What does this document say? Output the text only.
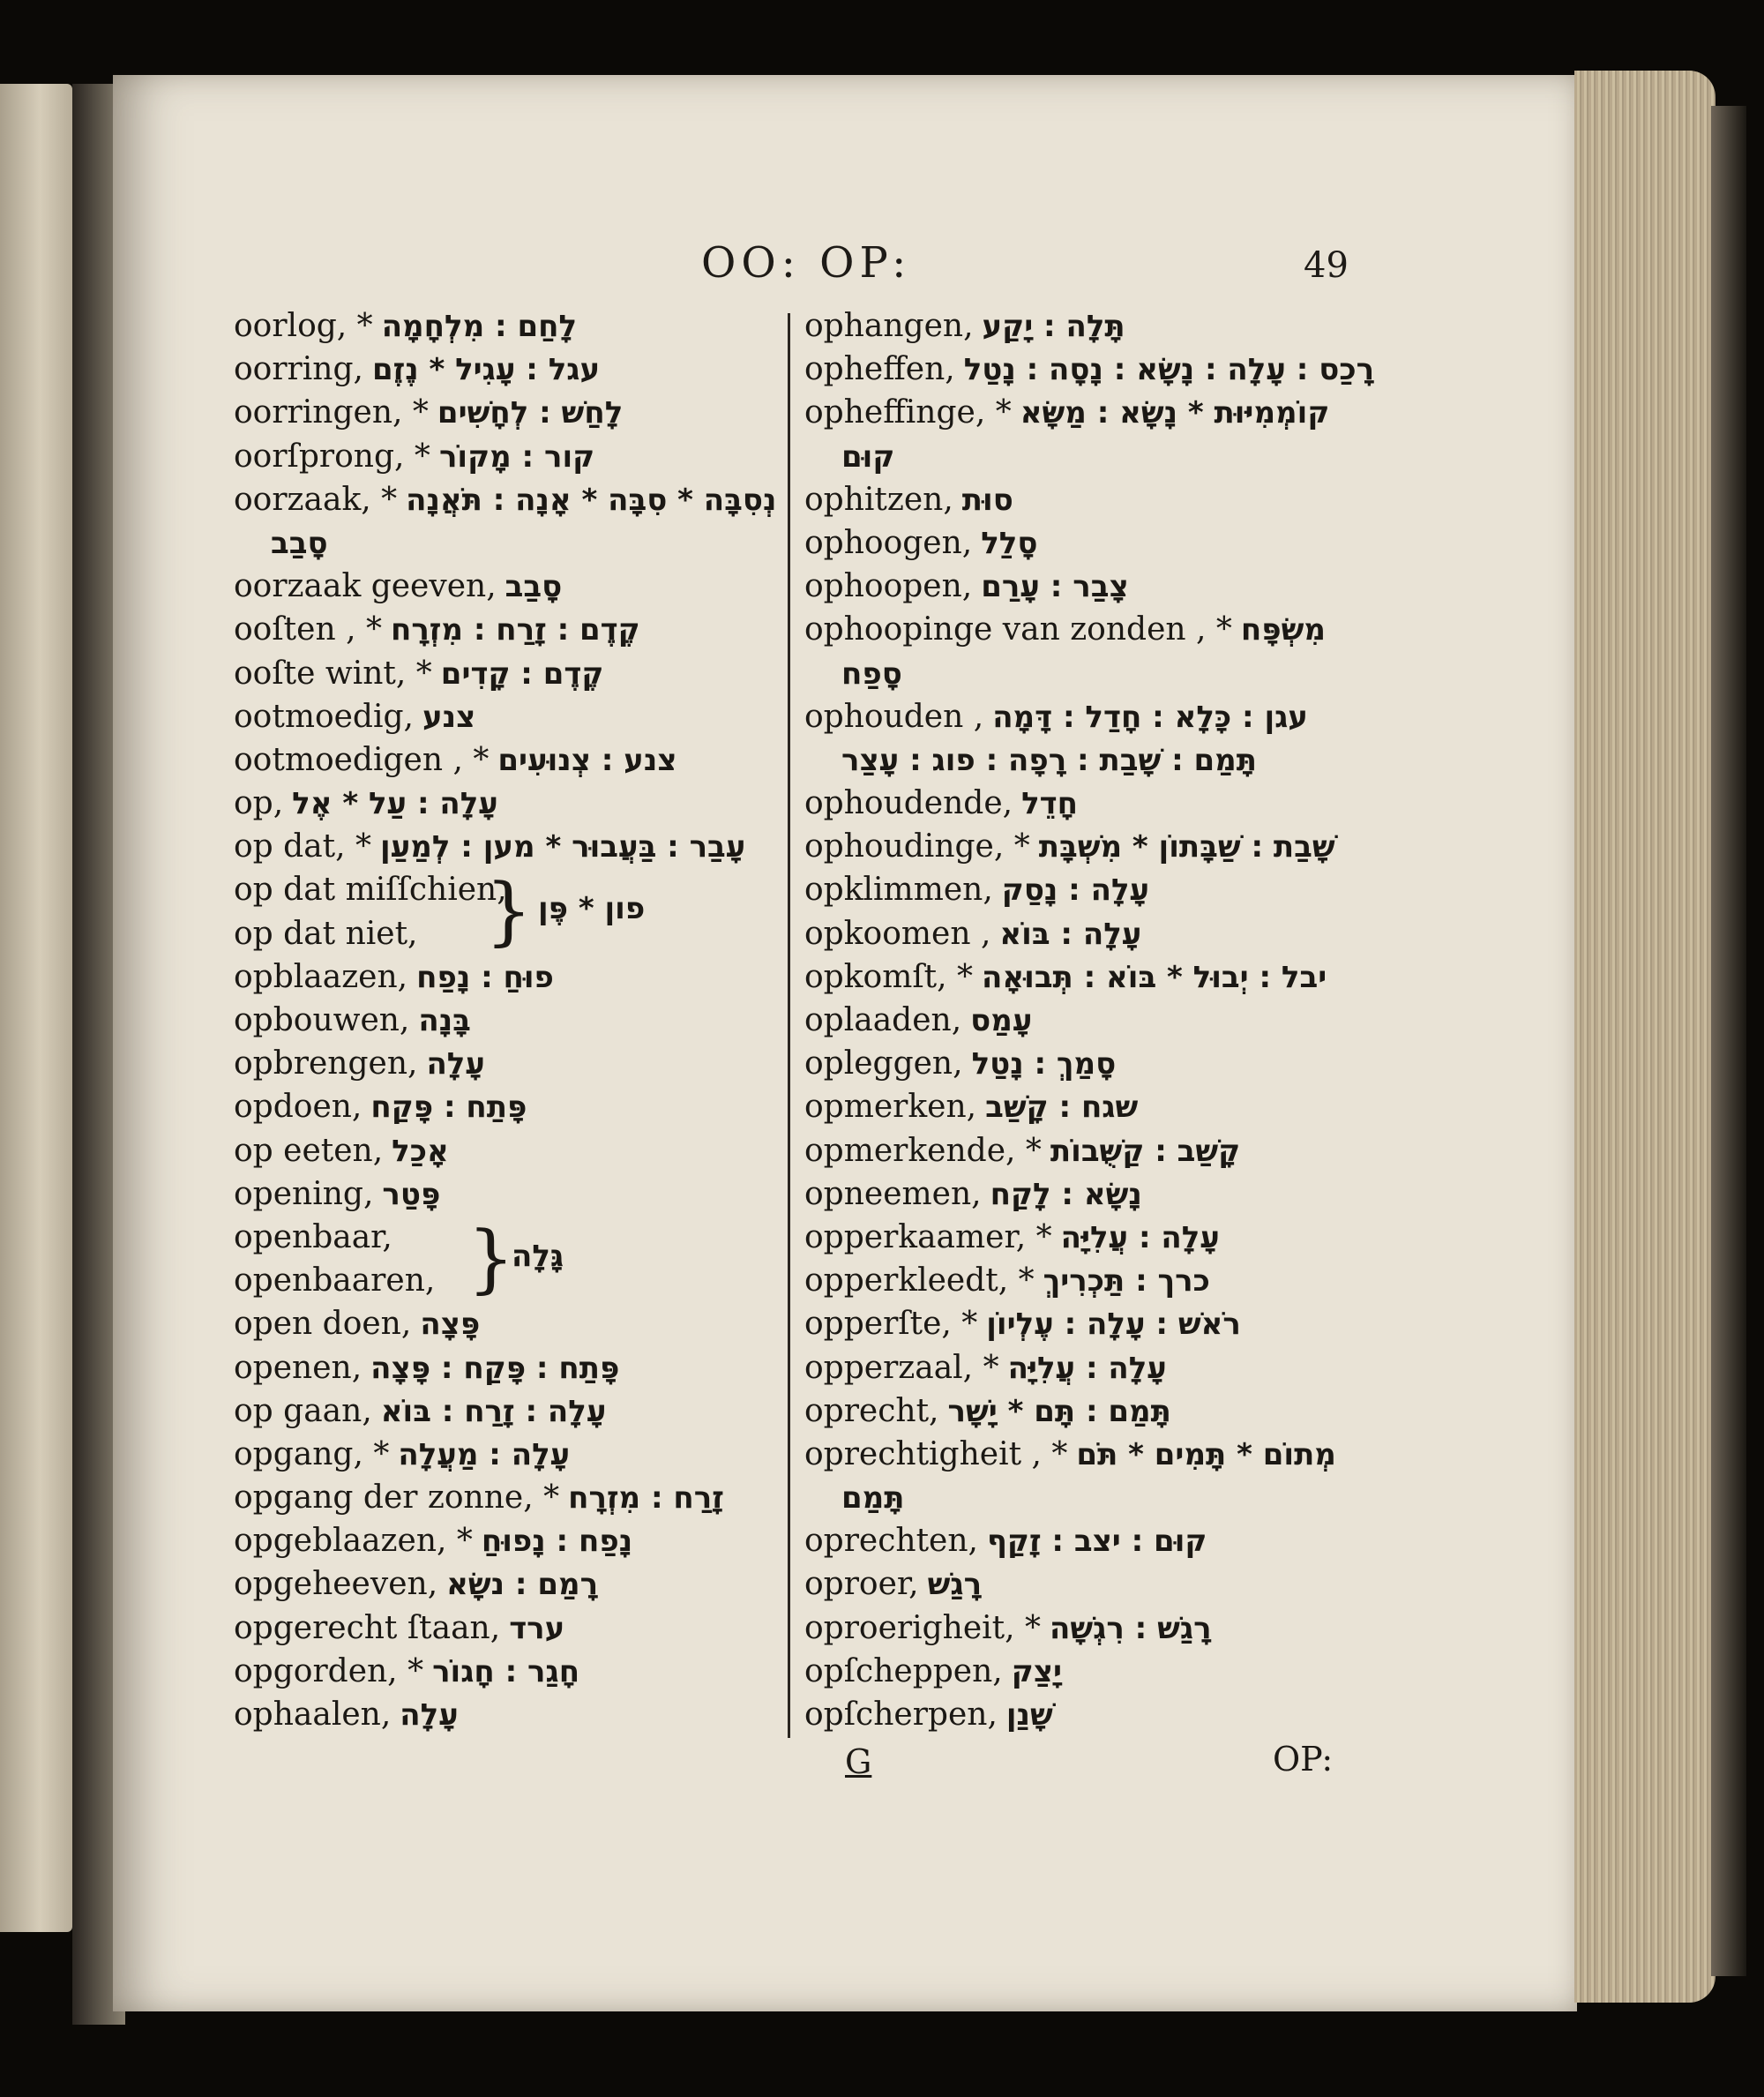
OO: OP:	49
oorlog, * לָחַם : מִלְחָמָה
oorring, עגל : עָגִיל * נֶזֶם
oorringen, * לָחַשׁ : לְחָשִׁים
oorſprong, * קור : מָקוֹר
oorzaak, * נְסִבָּה * סִבָּה * אָנָה : תֹּאֲנָה
סָבַב
oorzaak geeven, סָבַב
ooſten , * קֶדֶם : זָרַח : מִזְרָח
ooſte wint, * קֶדֶם : קָדִים
ootmoedig, צנע
ootmoedigen , * צנע : צְנוּעִים
op, עָלָה : עַל * אֶל
op dat, * עָבַר : בַּעֲבוּר * מען : לְמַעַן
op dat miſſchien,
op dat niet, } פון * פֶּן
opblaazen, פוּחַ : נָפַח
opbouwen, בָּנָה
opbrengen, עָלָה
opdoen, פָּתַח : פָּקַח
op eeten, אָכַל
opening, פָּטַר
openbaar,
openbaaren, }
גָּלָה
open doen, פָּצָה
openen, פָּתַח : פָּקַח : פָּצָה
op gaan, עָלָה : זָרַח : בּוֹא
opgang, * עָלָה : מַעֲלָה
opgang der zonne, * זָרַח : מִזְרָח
opgeblaazen, * נָפַח : נָפוּחַ
opgeheeven, רָמַם : נשָׂא
opgerecht ſtaan, ערד
opgorden, * חָגַר : חָגוֹר
ophaalen, עָלָה
ophangen, תָּלָה : יָקַע
opheffen, רָכַס : עָלָה : נָשָׂא : נָסָה : נָטַל
opheffinge, * קוֹמְמִיּוּת * נָשָׂא : מַשָּׂא
קוּם
ophitzen, סוּת
ophoogen, סָלַל
ophoopen, צָבַר : עָרַם
ophoopinge van zonden , * מִשְׂפָּח
סָפַח
ophouden , עגן : כָּלָא : חָדַל : דָּמָה
תָּמַם : שָׁבַת : רָפָה : פוג : עָצַר
ophoudende, חָדֵל
ophoudinge, * שָׁבַת : שַׁבָּתוֹן * מִשְׁבָּת
opklimmen, עָלָה : נָסַק
opkoomen , עָלָה : בּוֹא
opkomſt, * יבל : יְבוּל * בּוֹא : תְּבוּאָה
oplaaden, עָמַס
opleggen, סָמַךְ : נָטַל
opmerken, שגח : קָשַׁב
opmerkende, * קָשַׁב : קַשֻּׁבוֹת
opneemen, נָשָׂא : לָקַח
opperkaamer, * עָלָה : עֲלִיָּה
opperkleedt, * כרך : תַּכְרִיךְ
opperſte, * רֹאשׁ : עָלָה : עֶלְיוֹן
opperzaal, * עָלָה : עֲלִיָּה
oprecht, תָּמַם : תָּם * יָשָׁר
oprechtigheit , * מְתוֹם * תָּמִים * תֹּם
תָּמַם
oprechten, קוּם : יצב : זָקַף
oproer, רָגַשׁ
oproerigheit, * רָגַשׁ : רִגְשָׁה
opſcheppen, יָצַק
opſcherpen, שָׁנַן
G	OP:
